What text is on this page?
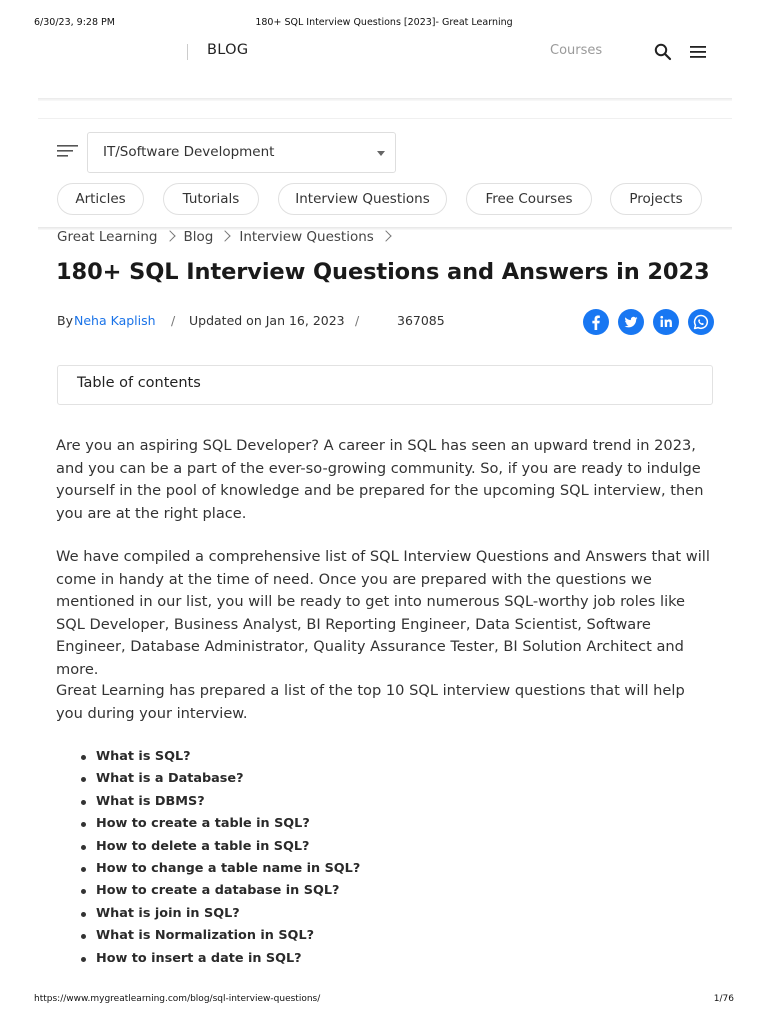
6/30/23, 9:28 PM	180+ SQL Interview Questions [2023]- Great Learning
BLOG	Courses
IT/Software Development
Articles	Tutorials	Interview Questions	Free Courses	Projects
Great Learning Blog Interview Questions
180+ SQL Interview Questions and Answers in 2023
By Neha Kaplish / Updated on Jan 16, 2023 /	367085
Table of contents

Are you an aspiring SQL Developer? A career in SQL has seen an upward trend in 2023, and you can be a part of the ever-so-growing community. So, if you are ready to indulge yourself in the pool of knowledge and be prepared for the upcoming SQL interview, then you are at the right place.

We have compiled a comprehensive list of SQL Interview Questions and Answers that will come in handy at the time of need. Once you are prepared with the questions we mentioned in our list, you will be ready to get into numerous SQL-worthy job roles like SQL Developer, Business Analyst, BI Reporting Engineer, Data Scientist, Software Engineer, Database Administrator, Quality Assurance Tester, BI Solution Architect and more.

Great Learning has prepared a list of the top 10 SQL interview questions that will help you during your interview.

What is SQL?
What is a Database?
What is DBMS?
How to create a table in SQL?
How to delete a table in SQL?
How to change a table name in SQL?
How to create a database in SQL?
What is join in SQL?
What is Normalization in SQL?
How to insert a date in SQL?
https://www.mygreatlearning.com/blog/sql-interview-questions/	1/76
